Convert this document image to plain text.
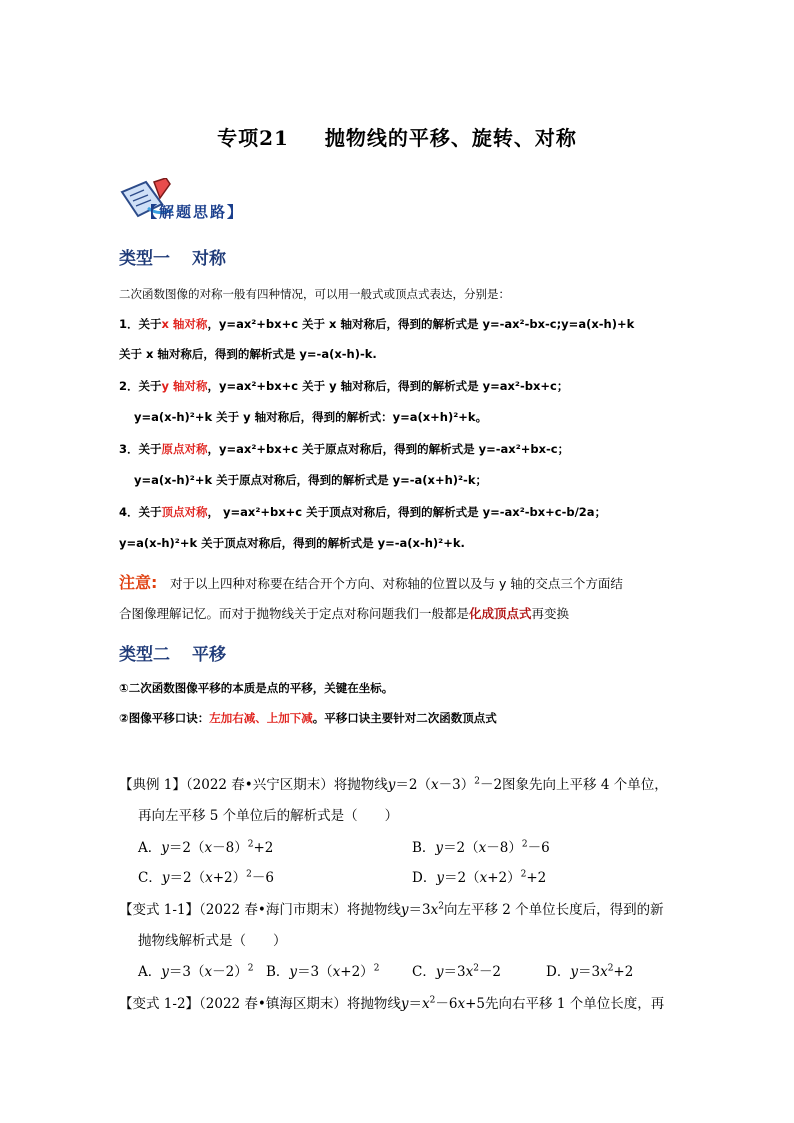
专项21 抛物线的平移、旋转、对称
【解题思路】
类型一 对称
二次函数图像的对称一般有四种情况，可以用一般式或顶点式表达，分别是：
1．关于x 轴对称，y=ax²+bx+c 关于 x 轴对称后，得到的解析式是 y=-ax²-bx-c;y=a(x-h)+k
关于 x 轴对称后，得到的解析式是 y=-a(x-h)-k.
2．关于y 轴对称，y=ax²+bx+c 关于 y 轴对称后，得到的解析式是 y=ax²-bx+c；
y=a(x-h)²+k 关于 y 轴对称后，得到的解析式：y=a(x+h)²+k。
3．关于原点对称，y=ax²+bx+c 关于原点对称后，得到的解析式是 y=-ax²+bx-c；
y=a(x-h)²+k 关于原点对称后，得到的解析式是 y=-a(x+h)²-k；
4．关于顶点对称， y=ax²+bx+c 关于顶点对称后，得到的解析式是 y=-ax²-bx+c-b/2a；
y=a(x-h)²+k 关于顶点对称后，得到的解析式是 y=-a(x-h)²+k.
注意: 对于以上四种对称要在结合开个方向、对称轴的位置以及与 y 轴的交点三个方面结
合图像理解记忆。而对于抛物线关于定点对称问题我们一般都是化成顶点式再变换
类型二 平移
①二次函数图像平移的本质是点的平移，关键在坐标。
②图像平移口诀：左加右减、上加下减。平移口诀主要针对二次函数顶点式
【典例 1】（2022 春•兴宁区期末）将抛物线$y=2(x-3)^2-2$图象先向上平移 4 个单位，
再向左平移 5 个单位后的解析式是（　　）
A．$y=2(x-8)^2+2$	B．$y=2(x-8)^2-6$
C．$y=2(x+2)^2-6$	D．$y=2(x+2)^2+2$
【变式 1-1】（2022 春•海门市期末）将抛物线$y=3x^2$向左平移 2 个单位长度后，得到的新
抛物线解析式是（　　）
A．$y=3(x-2)^2$ B．$y=3(x+2)^2$ C．$y=3x^2-2$	D．$y=3x^2+2$
【变式 1-2】（2022 春•镇海区期末）将抛物线$y=x^2-6x+5$先向右平移 1 个单位长度，再
